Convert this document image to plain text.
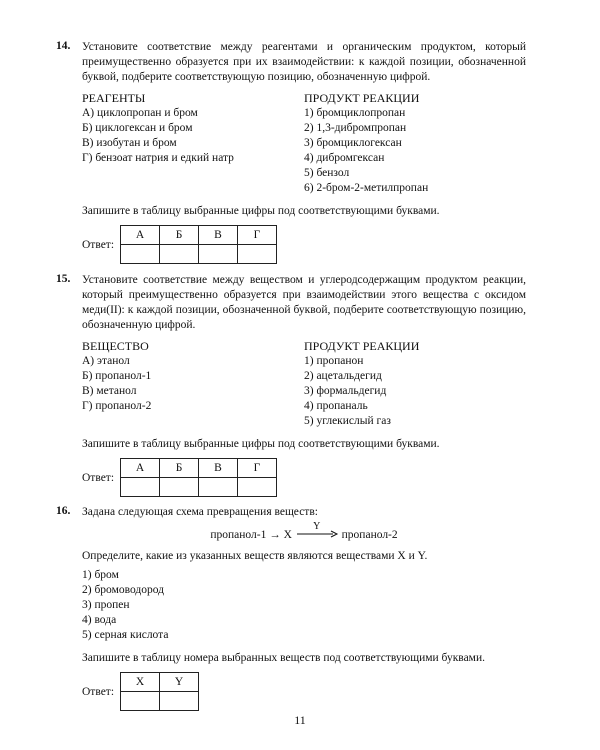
14. Установите соответствие между реагентами и органическим продуктом, который преимущественно образуется при их взаимодействии: к каждой позиции, обозначенной буквой, подберите соответствующую позицию, обозначенную цифрой.
РЕАГЕНТЫ
А) циклопропан и бром
Б) циклогексан и бром
В) изобутан и бром
Г) бензоат натрия и едкий натр
ПРОДУКТ РЕАКЦИИ
1) бромциклопропан
2) 1,3-дибромпропан
3) бромциклогексан
4) дибромгексан
5) бензол
6) 2-бром-2-метилпропан
Запишите в таблицу выбранные цифры под соответствующими буквами.
Ответ:
А	Б	В	Г

15. Установите соответствие между веществом и углеродсодержащим продуктом реакции, который преимущественно образуется при взаимодействии этого вещества с оксидом меди(II): к каждой позиции, обозначенной буквой, подберите соответствующую позицию, обозначенную цифрой.
ВЕЩЕСТВО
А) этанол
Б) пропанол-1
В) метанол
Г) пропанол-2
ПРОДУКТ РЕАКЦИИ
1) пропанон
2) ацетальдегид
3) формальдегид
4) пропаналь
5) углекислый газ
Запишите в таблицу выбранные цифры под соответствующими буквами.
Ответ:
А	Б	В	Г

16. Задана следующая схема превращения веществ:
пропанол-1 → X
Y
пропанол-2
Определите, какие из указанных веществ являются веществами X и Y.
1) бром
2) бромоводород
3) пропен
4) вода
5) серная кислота
Запишите в таблицу номера выбранных веществ под соответствующими буквами.
Ответ:
X	Y

11
